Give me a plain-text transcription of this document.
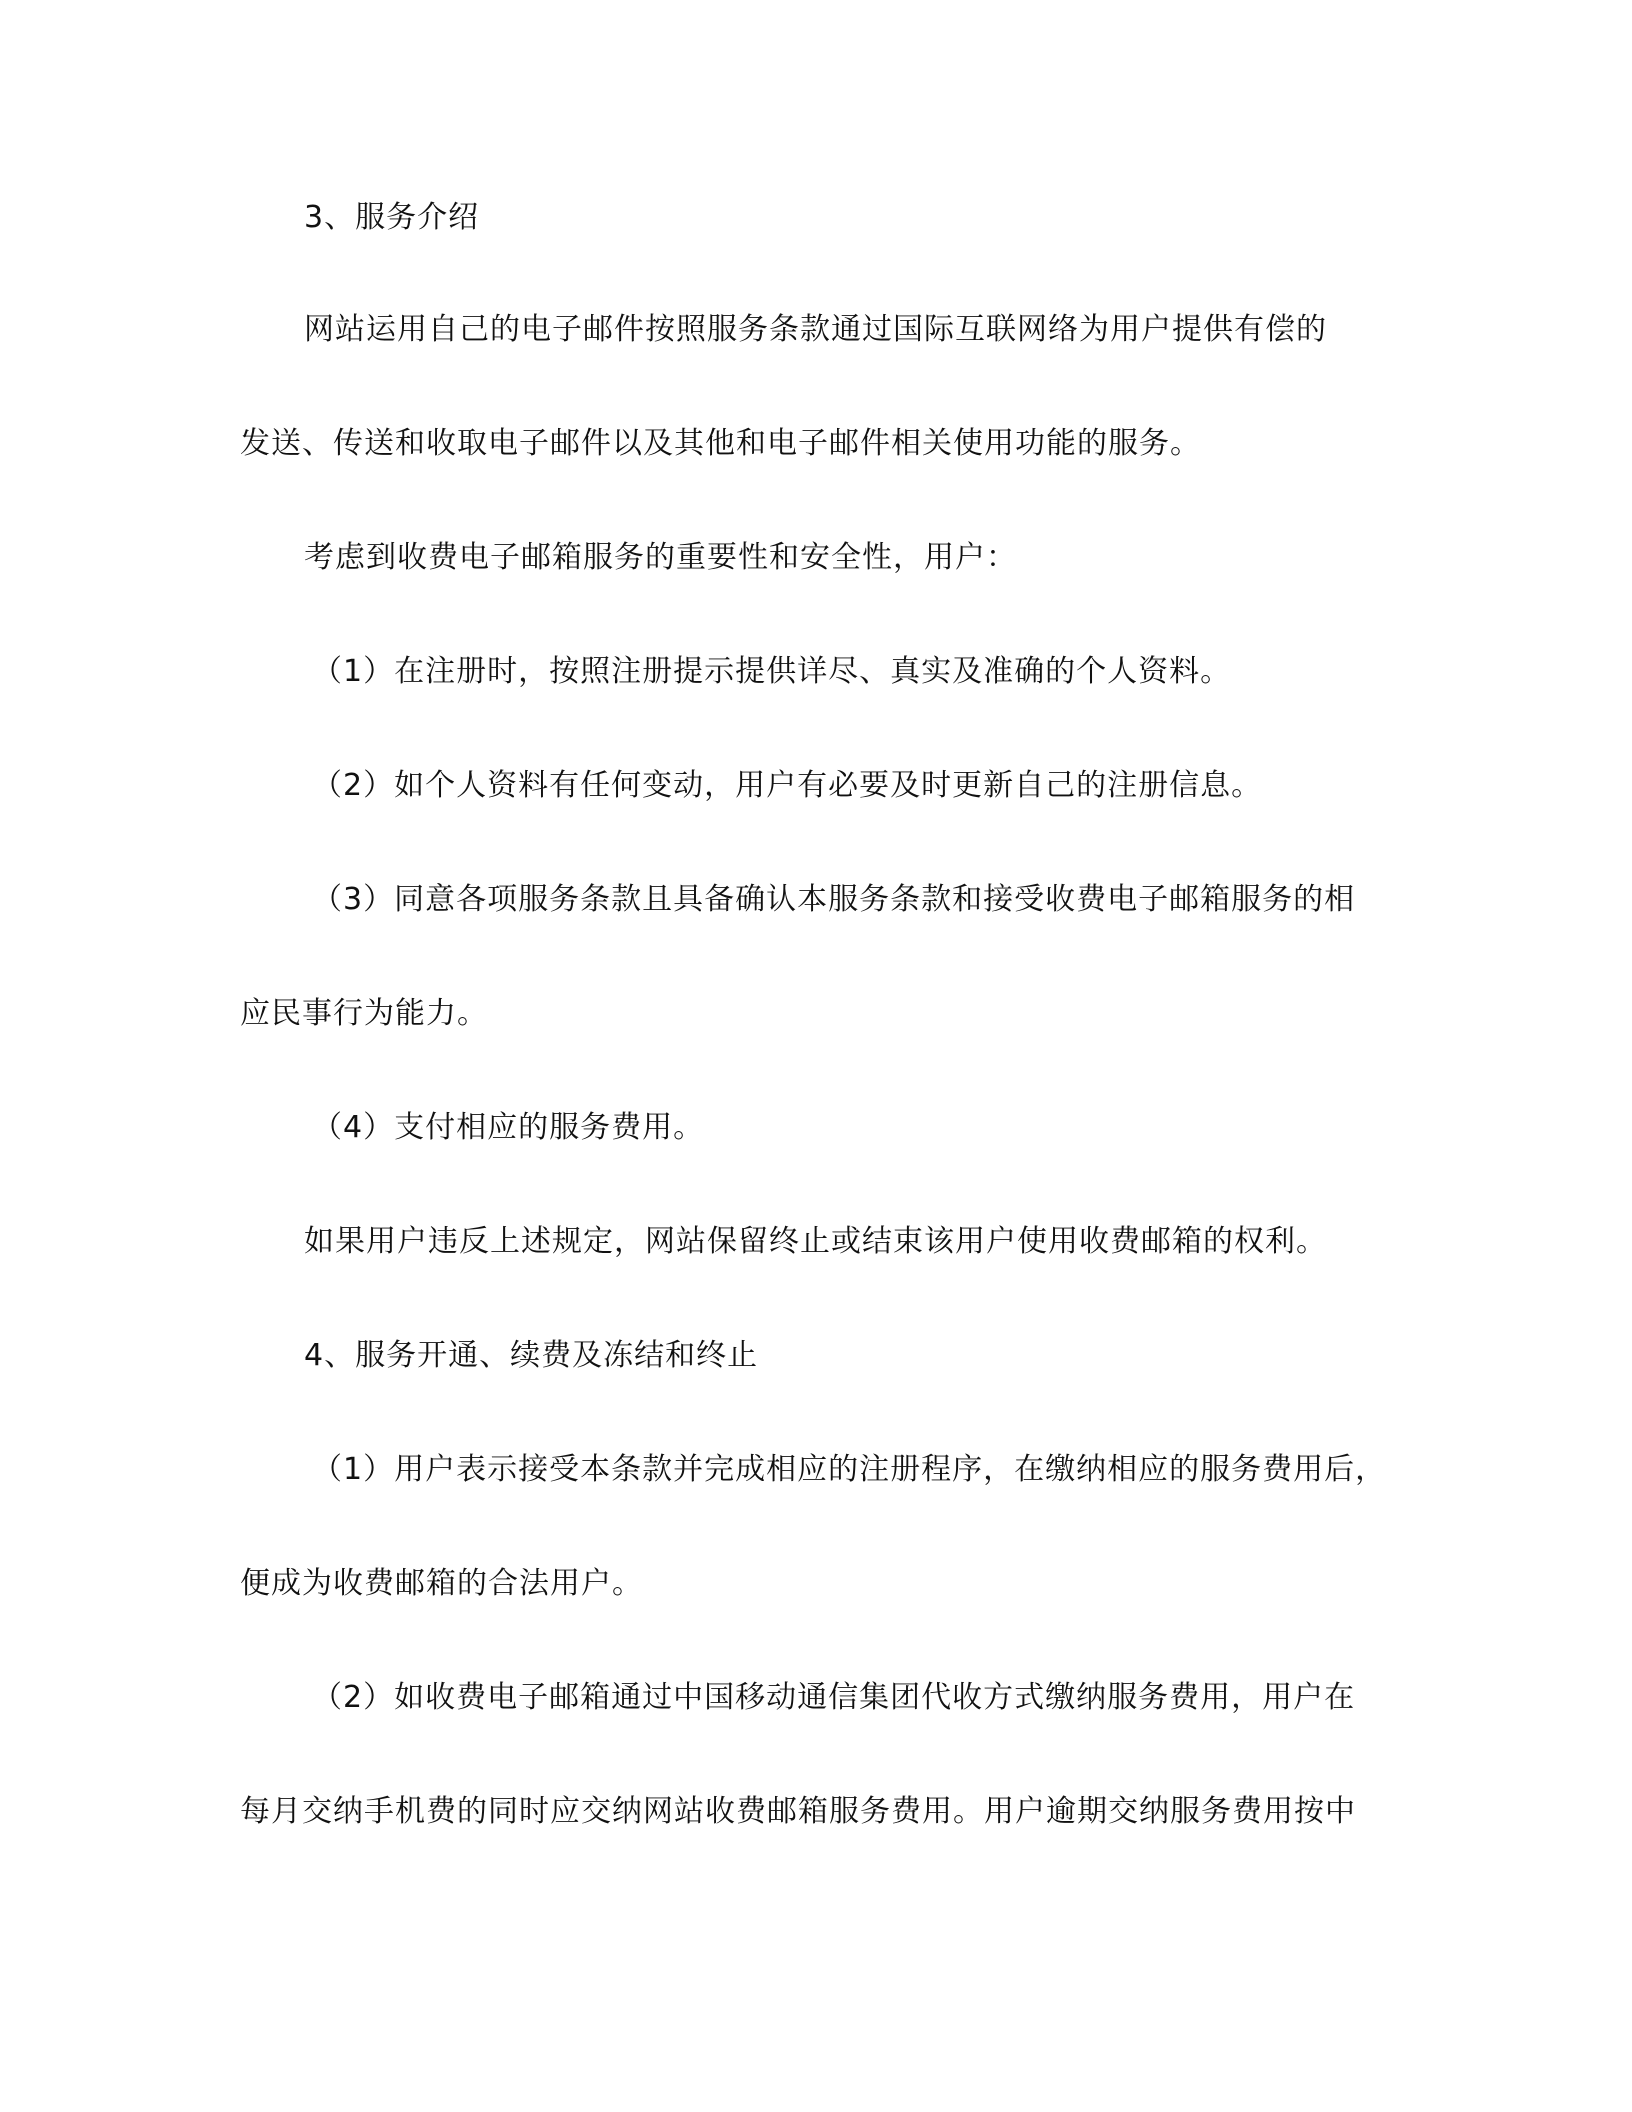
3、服务介绍
网站运用自己的电子邮件按照服务条款通过国际互联网络为用户提供有偿的
发送、传送和收取电子邮件以及其他和电子邮件相关使用功能的服务。
考虑到收费电子邮箱服务的重要性和安全性，用户：
（1）在注册时，按照注册提示提供详尽、真实及准确的个人资料。
（2）如个人资料有任何变动，用户有必要及时更新自己的注册信息。
（3）同意各项服务条款且具备确认本服务条款和接受收费电子邮箱服务的相
应民事行为能力。
（4）支付相应的服务费用。
如果用户违反上述规定，网站保留终止或结束该用户使用收费邮箱的权利。
4、服务开通、续费及冻结和终止
（1）用户表示接受本条款并完成相应的注册程序，在缴纳相应的服务费用后，
便成为收费邮箱的合法用户。
（2）如收费电子邮箱通过中国移动通信集团代收方式缴纳服务费用，用户在
每月交纳手机费的同时应交纳网站收费邮箱服务费用。用户逾期交纳服务费用按中
